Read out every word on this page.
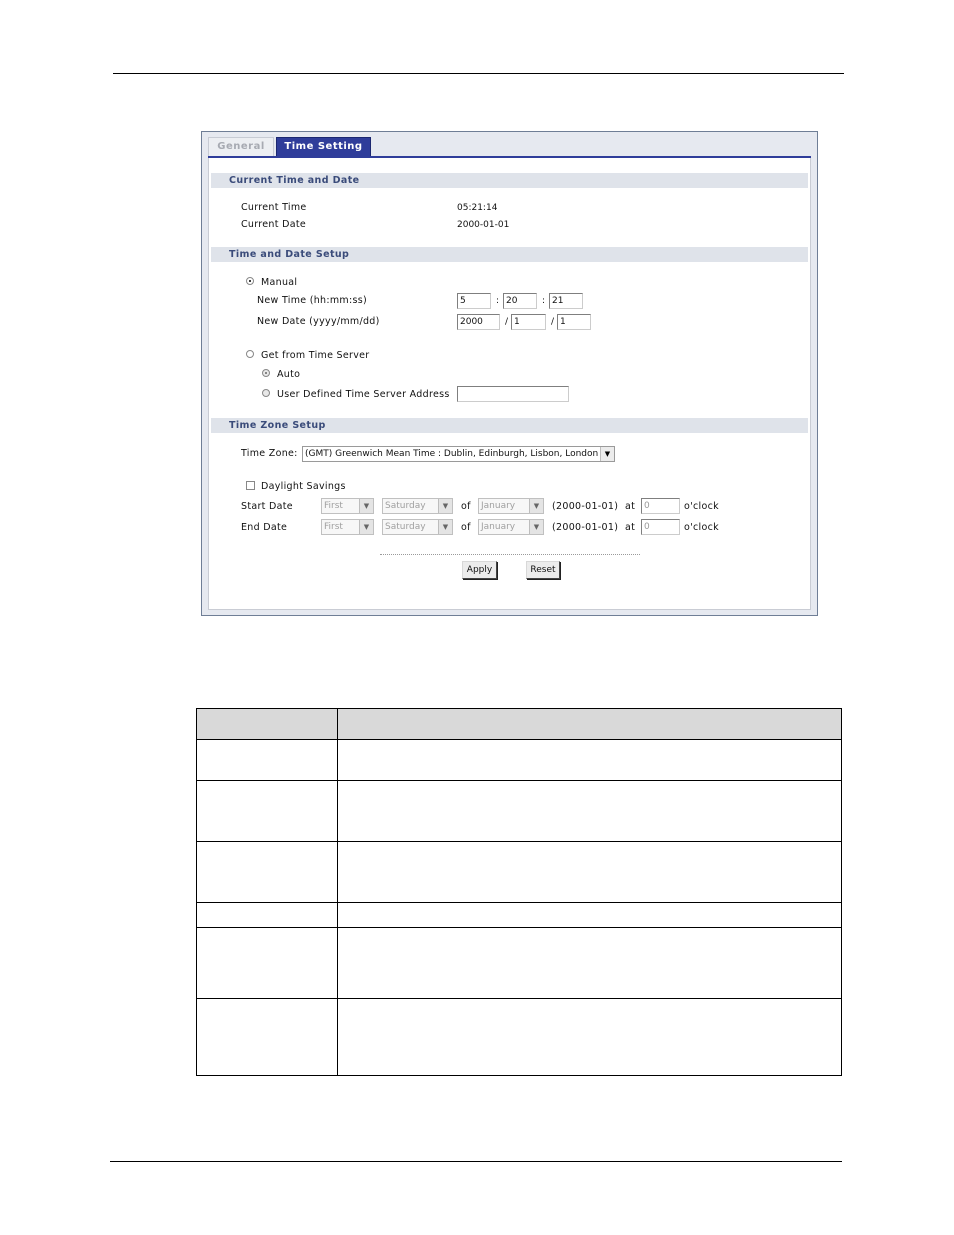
General	Time Setting
Current Time and Date
Current Time	05:21:14
Current Date	2000-01-01
Time and Date Setup
Manual
New Time (hh:mm:ss)	5	: 20	: 21
New Date (yyyy/mm/dd)	2000	/ 1	/ 1
Get from Time Server
Auto
User Defined Time Server Address
Time Zone Setup
Time Zone: (GMT) Greenwich Mean Time : Dublin, Edinburgh, Lisbon, London ▼
Daylight Savings
Start Date	First	▼	Saturday	▼	of	January	▼	(2000-01-01) at 0	o'clock
End Date	First	▼	Saturday	▼	of	January	▼	(2000-01-01) at 0	o'clock
Apply	Reset
